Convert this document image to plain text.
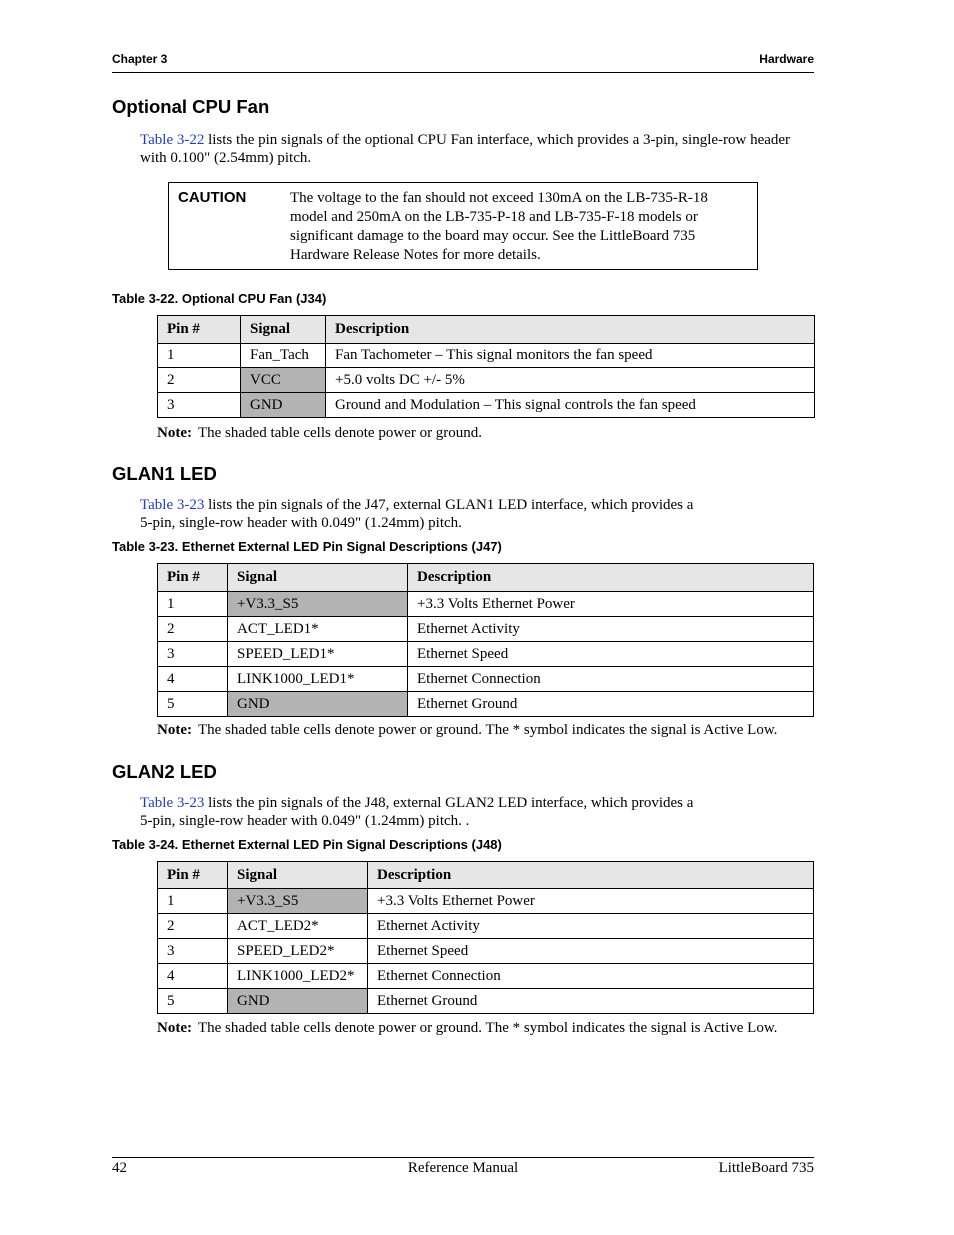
Chapter 3	Hardware
Optional CPU Fan
Table 3-22 lists the pin signals of the optional CPU Fan interface, which provides a 3-pin, single-row header
with 0.100" (2.54mm) pitch.
CAUTION	The voltage to the fan should not exceed 130mA on the LB-735-R-18 model and 250mA on the LB-735-P-18 and LB-735-F-18 models or significant damage to the board may occur. See the LittleBoard 735 Hardware Release Notes for more details.
Table 3-22. Optional CPU Fan (J34)
Pin #	Signal	Description
1	Fan_Tach	Fan Tachometer – This signal monitors the fan speed
2	VCC	+5.0 volts DC +/- 5%
3	GND	Ground and Modulation – This signal controls the fan speed
Note: The shaded table cells denote power or ground.
GLAN1 LED
Table 3-23 lists the pin signals of the J47, external GLAN1 LED interface, which provides a
5-pin, single-row header with 0.049" (1.24mm) pitch.
Table 3-23. Ethernet External LED Pin Signal Descriptions (J47)
Pin #	Signal	Description
1	+V3.3_S5	+3.3 Volts Ethernet Power
2	ACT_LED1*	Ethernet Activity
3	SPEED_LED1*	Ethernet Speed
4	LINK1000_LED1*	Ethernet Connection
5	GND	Ethernet Ground
Note: The shaded table cells denote power or ground. The * symbol indicates the signal is Active Low.
GLAN2 LED
Table 3-23 lists the pin signals of the J48, external GLAN2 LED interface, which provides a
5-pin, single-row header with 0.049" (1.24mm) pitch. .
Table 3-24. Ethernet External LED Pin Signal Descriptions (J48)
Pin #	Signal	Description
1	+V3.3_S5	+3.3 Volts Ethernet Power
2	ACT_LED2*	Ethernet Activity
3	SPEED_LED2*	Ethernet Speed
4	LINK1000_LED2*	Ethernet Connection
5	GND	Ethernet Ground
Note: The shaded table cells denote power or ground. The * symbol indicates the signal is Active Low.
42	Reference Manual	LittleBoard 735
